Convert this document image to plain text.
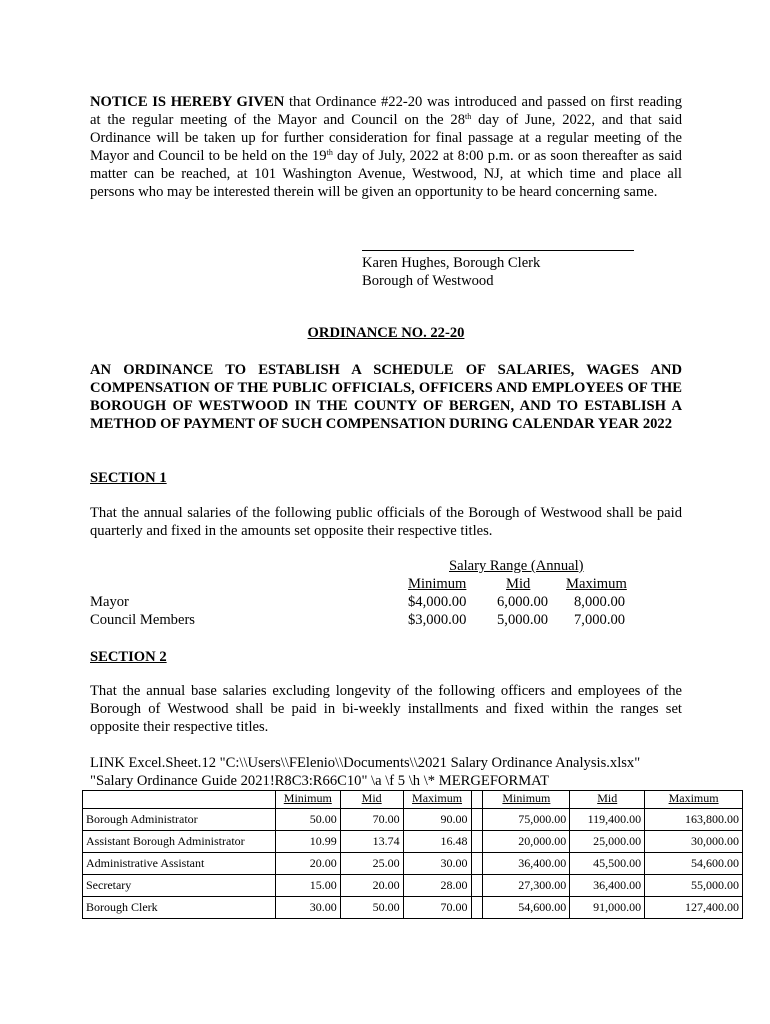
NOTICE IS HEREBY GIVEN that Ordinance #22-20 was introduced and passed on first reading at the regular meeting of the Mayor and Council on the 28th day of June, 2022, and that said Ordinance will be taken up for further consideration for final passage at a regular meeting of the Mayor and Council to be held on the 19th day of July, 2022 at 8:00 p.m. or as soon thereafter as said matter can be reached, at 101 Washington Avenue, Westwood, NJ, at which time and place all persons who may be interested therein will be given an opportunity to be heard concerning same.
Karen Hughes, Borough Clerk
Borough of Westwood
ORDINANCE NO. 22-20
AN ORDINANCE TO ESTABLISH A SCHEDULE OF SALARIES, WAGES AND COMPENSATION OF THE PUBLIC OFFICIALS, OFFICERS AND EMPLOYEES OF THE BOROUGH OF WESTWOOD IN THE COUNTY OF BERGEN, AND TO ESTABLISH A METHOD OF PAYMENT OF SUCH COMPENSATION DURING CALENDAR YEAR 2022
SECTION 1
That the annual salaries of the following public officials of the Borough of Westwood shall be paid quarterly and fixed in the amounts set opposite their respective titles.
Salary Range (Annual)
Minimum	Mid Maximum
Mayor	$4,000.00 6,000.00 8,000.00
Council Members	$3,000.00 5,000.00 7,000.00
SECTION 2
That the annual base salaries excluding longevity of the following officers and employees of the Borough of Westwood shall be paid in bi-weekly installments and fixed within the ranges set opposite their respective titles.
LINK Excel.Sheet.12 "C:\\Users\\FElenio\\Documents\\2021 Salary Ordinance Analysis.xlsx"
"Salary Ordinance Guide 2021!R8C3:R66C10" \a \f 5 \h \* MERGEFORMAT
	Minimum	Mid	Maximum		Minimum	Mid	Maximum
Borough Administrator	50.00	70.00	90.00		75,000.00	119,400.00	163,800.00
Assistant Borough Administrator	10.99	13.74	16.48		20,000.00	25,000.00	30,000.00
Administrative Assistant	20.00	25.00	30.00		36,400.00	45,500.00	54,600.00
Secretary	15.00	20.00	28.00		27,300.00	36,400.00	55,000.00
Borough Clerk	30.00	50.00	70.00		54,600.00	91,000.00	127,400.00
